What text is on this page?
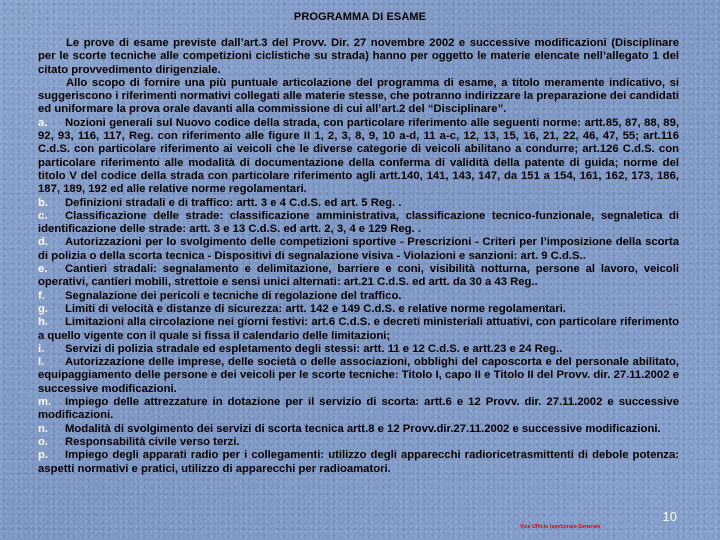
PROGRAMMA DI ESAME

Le prove di esame previste dall’art.3 del Provv. Dir. 27 novembre 2002 e successive modificazioni (Disciplinare per le scorte tecniche alle competizioni ciclistiche su strada) hanno per oggetto le materie elencate nell’allegato 1 del citato provvedimento dirigenziale.

Allo scopo di fornire una più puntuale articolazione del programma di esame, a titolo meramente indicativo, si suggeriscono i riferimenti normativi collegati alle materie stesse, che potranno indirizzare la preparazione dei candidati ed uniformare la prova orale davanti alla commissione di cui all’art.2 del “Disciplinare”.

a. Nozioni generali sul Nuovo codice della strada, con particolare riferimento alle seguenti norme: artt.85, 87, 88, 89, 92, 93, 116, 117, Reg. con riferimento alle figure II 1, 2, 3, 8, 9, 10 a-d, 11 a-c, 12, 13, 15, 16, 21, 22, 46, 47, 55; art.116 C.d.S. con particolare riferimento ai veicoli che le diverse categorie di veicoli abilitano a condurre; art.126 C.d.S. con particolare riferimento alle modalità di documentazione della conferma di validità della patente di guida; norme del titolo V del codice della strada con particolare riferimento agli artt.140, 141, 143, 147, da 151 a 154, 161, 162, 173, 186, 187, 189, 192 ed alle relative norme regolamentari.

b. Definizioni stradali e di traffico: artt. 3 e 4 C.d.S. ed art. 5 Reg. .

c. Classificazione delle strade: classificazione amministrativa, classificazione tecnico-funzionale, segnaletica di identificazione delle strade: artt. 3 e 13 C.d.S. ed artt. 2, 3, 4 e 129 Reg. .

d. Autorizzazioni per lo svolgimento delle competizioni sportive - Prescrizioni - Criteri per l’imposizione della scorta di polizia o della scorta tecnica - Dispositivi di segnalazione visiva - Violazioni e sanzioni: art. 9 C.d.S..

e. Cantieri stradali: segnalamento e delimitazione, barriere e coni, visibilità notturna, persone al lavoro, veicoli operativi, cantieri mobili, strettoie e sensi unici alternati: art.21 C.d.S. ed artt. da 30 a 43 Reg..

f. Segnalazione dei pericoli e tecniche di regolazione del traffico.

g. Limiti di velocità e distanze di sicurezza: artt. 142 e 149 C.d.S. e relative norme regolamentari.

h. Limitazioni alla circolazione nei giorni festivi: art.6 C.d.S. e decreti ministeriali attuativi, con particolare riferimento a quello vigente con il quale si fissa il calendario delle limitazioni;

i. Servizi di polizia stradale ed espletamento degli stessi: artt. 11 e 12 C.d.S. e artt.23 e 24 Reg..

l. Autorizzazione delle imprese, delle società o delle associazioni, obblighi del caposcorta e del personale abilitato, equipaggiamento delle persone e dei veicoli per le scorte tecniche: Titolo I, capo II e Titolo II del Provv. dir. 27.11.2002 e successive modificazioni.

m. Impiego delle attrezzature in dotazione per il servizio di scorta: artt.6 e 12 Provv. dir. 27.11.2002 e successive modificazioni.

n. Modalità di svolgimento dei servizi di scorta tecnica artt.8 e 12 Provv.dir.27.11.2002 e successive modificazioni.

o. Responsabilità civile verso terzi.

p. Impiego degli apparati radio per i collegamenti: utilizzo degli apparecchi radioricetrasmittenti di debole potenza: aspetti normativi e pratici, utilizzo di apparecchi per radioamatori.

10
Vice Ufficio Ispettorato Generale
